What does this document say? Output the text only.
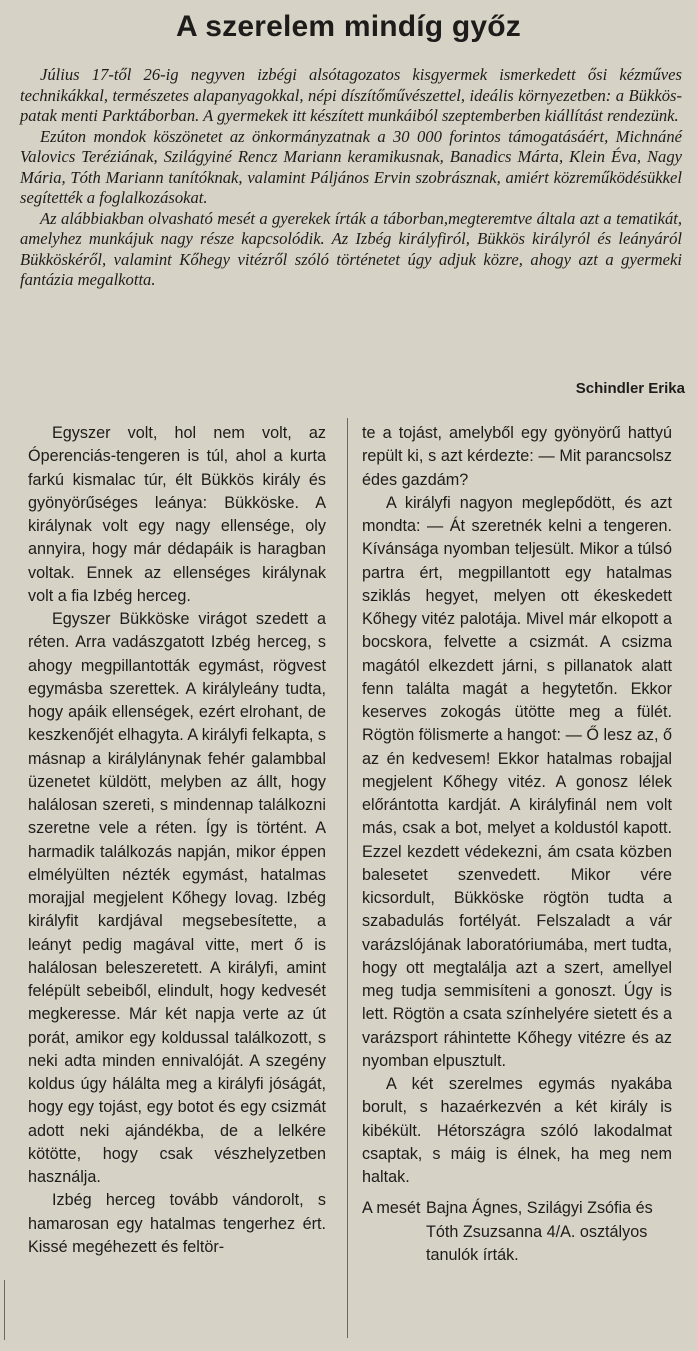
A szerelem mindíg győz

Július 17-től 26-ig negyven izbégi alsótagozatos kisgyermek ismerkedett ősi kézműves technikákkal, természetes alapanyagokkal, népi díszítőművészettel, ideális környezetben: a Bükkös-patak menti Parktáborban. A gyermekek itt készített munkáiból szeptemberben kiállítást rendezünk.

Ezúton mondok köszönetet az önkormányzatnak a 30 000 forintos támogatásáért, Michnáné Valovics Teréziának, Szilágyiné Rencz Mariann keramikusnak, Banadics Márta, Klein Éva, Nagy Mária, Tóth Mariann tanítóknak, valamint Páljános Ervin szobrásznak, amiért közreműködésükkel segítették a foglalkozásokat.

Az alábbiakban olvasható mesét a gyerekek írták a táborban,megteremtve általa azt a tematikát, amelyhez munkájuk nagy része kapcsolódik. Az Izbég királyfiról, Bükkös királyról és leányáról Bükköskéről, valamint Kőhegy vitézről szóló történetet úgy adjuk közre, ahogy azt a gyermeki fantázia megalkotta.

Schindler Erika

Egyszer volt, hol nem volt, az Óperenciás-tengeren is túl, ahol a kurta farkú kismalac túr, élt Bükkös király és gyönyörűséges leánya: Bükköske. A királynak volt egy nagy ellensége, oly annyira, hogy már dédapáik is haragban voltak. Ennek az ellenséges királynak volt a fia Izbég herceg.

Egyszer Bükköske virágot szedett a réten. Arra vadászgatott Izbég herceg, s ahogy megpillantották egymást, rögvest egymásba szerettek. A királyleány tudta, hogy apáik ellenségek, ezért elrohant, de keszkenőjét elhagyta. A királyfi felkapta, s másnap a királylánynak fehér galambbal üzenetet küldött, melyben az állt, hogy halálosan szereti, s mindennap találkozni szeretne vele a réten. Így is történt. A harmadik találkozás napján, mikor éppen elmélyülten nézték egymást, hatalmas morajjal megjelent Kőhegy lovag. Izbég királyfit kardjával megsebesítette, a leányt pedig magával vitte, mert ő is halálosan beleszeretett. A királyfi, amint felépült sebeiből, elindult, hogy kedvesét megkeresse. Már két napja verte az út porát, amikor egy koldussal találkozott, s neki adta minden ennivalóját. A szegény koldus úgy hálálta meg a királyfi jóságát, hogy egy tojást, egy botot és egy csizmát adott neki ajándékba, de a lelkére kötötte, hogy csak vészhelyzetben használja.

Izbég herceg tovább vándorolt, s hamarosan egy hatalmas tengerhez ért. Kissé megéhezett és feltör-

te a tojást, amelyből egy gyönyörű hattyú repült ki, s azt kérdezte: — Mit parancsolsz édes gazdám?

A királyfi nagyon meglepődött, és azt mondta: — Át szeretnék kelni a tengeren. Kívánsága nyomban teljesült. Mikor a túlsó partra ért, megpillantott egy hatalmas sziklás hegyet, melyen ott ékeskedett Kőhegy vitéz palotája. Mivel már elkopott a bocskora, felvette a csizmát. A csizma magától elkezdett járni, s pillanatok alatt fenn találta magát a hegytetőn. Ekkor keserves zokogás ütötte meg a fülét. Rögtön fölismerte a hangot: — Ő lesz az, ő az én kedvesem! Ekkor hatalmas robajjal megjelent Kőhegy vitéz. A gonosz lélek előrántotta kardját. A királyfinál nem volt más, csak a bot, melyet a koldustól kapott. Ezzel kezdett védekezni, ám csata közben balesetet szenvedett. Mikor vére kicsordult, Bükköske rögtön tudta a szabadulás fortélyát. Felszaladt a vár varázslójának laboratóriumába, mert tudta, hogy ott megtalálja azt a szert, amellyel meg tudja semmisíteni a gonoszt. Úgy is lett. Rögtön a csata színhelyére sietett és a varázsport ráhintette Kőhegy vitézre és az nyomban elpusztult.

A két szerelmes egymás nyakába borult, s hazaérkezvén a két király is kibékült. Hétországra szóló lakodalmat csaptak, s máig is élnek, ha meg nem haltak.

A mesét Bajna Ágnes, Szilágyi Zsófia és Tóth Zsuzsanna 4/A. osztályos tanulók írták.
